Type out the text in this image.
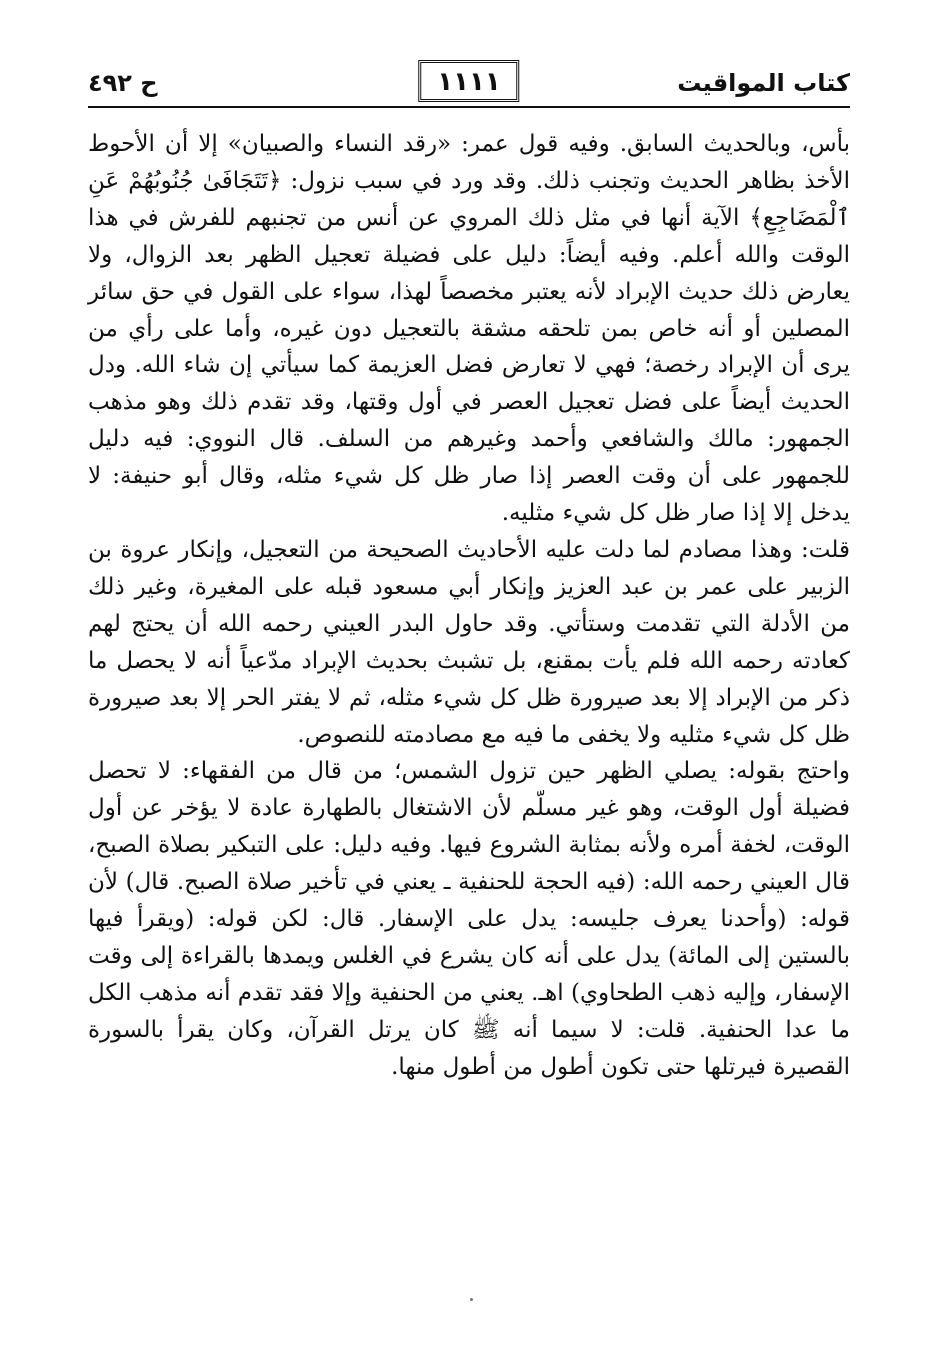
كتاب المواقيت
١١١١
ح ٤٩٢

بأس، وبالحديث السابق. وفيه قول عمر: «رقد النساء والصبيان» إلا أن الأحوط الأخذ بظاهر الحديث وتجنب ذلك. وقد ورد في سبب نزول: ﴿تَتَجَافَىٰ جُنُوبُهُمْ عَنِ ٱلْمَضَاجِعِ﴾ الآية أنها في مثل ذلك المروي عن أنس من تجنبهم للفرش في هذا الوقت والله أعلم. وفيه أيضاً: دليل على فضيلة تعجيل الظهر بعد الزوال، ولا يعارض ذلك حديث الإبراد لأنه يعتبر مخصصاً لهذا، سواء على القول في حق سائر المصلين أو أنه خاص بمن تلحقه مشقة بالتعجيل دون غيره، وأما على رأي من يرى أن الإبراد رخصة؛ فهي لا تعارض فضل العزيمة كما سيأتي إن شاء الله. ودل الحديث أيضاً على فضل تعجيل العصر في أول وقتها، وقد تقدم ذلك وهو مذهب الجمهور: مالك والشافعي وأحمد وغيرهم من السلف. قال النووي: فيه دليل للجمهور على أن وقت العصر إذا صار ظل كل شيء مثله، وقال أبو حنيفة: لا يدخل إلا إذا صار ظل كل شيء مثليه.

قلت: وهذا مصادم لما دلت عليه الأحاديث الصحيحة من التعجيل، وإنكار عروة بن الزبير على عمر بن عبد العزيز وإنكار أبي مسعود قبله على المغيرة، وغير ذلك من الأدلة التي تقدمت وستأتي. وقد حاول البدر العيني رحمه الله أن يحتج لهم كعادته رحمه الله فلم يأت بمقنع، بل تشبث بحديث الإبراد مدّعياً أنه لا يحصل ما ذكر من الإبراد إلا بعد صيرورة ظل كل شيء مثله، ثم لا يفتر الحر إلا بعد صيرورة ظل كل شيء مثليه ولا يخفى ما فيه مع مصادمته للنصوص.

واحتج بقوله: يصلي الظهر حين تزول الشمس؛ من قال من الفقهاء: لا تحصل فضيلة أول الوقت، وهو غير مسلّم لأن الاشتغال بالطهارة عادة لا يؤخر عن أول الوقت، لخفة أمره ولأنه بمثابة الشروع فيها. وفيه دليل: على التبكير بصلاة الصبح، قال العيني رحمه الله: (فيه الحجة للحنفية ـ يعني في تأخير صلاة الصبح. قال) لأن قوله: (وأحدنا يعرف جليسه: يدل على الإسفار. قال: لكن قوله: (ويقرأ فيها بالستين إلى المائة) يدل على أنه كان يشرع في الغلس ويمدها بالقراءة إلى وقت الإسفار، وإليه ذهب الطحاوي) اهـ. يعني من الحنفية وإلا فقد تقدم أنه مذهب الكل ما عدا الحنفية. قلت: لا سيما أنه ﷺ كان يرتل القرآن، وكان يقرأ بالسورة القصيرة فيرتلها حتى تكون أطول من أطول منها.
